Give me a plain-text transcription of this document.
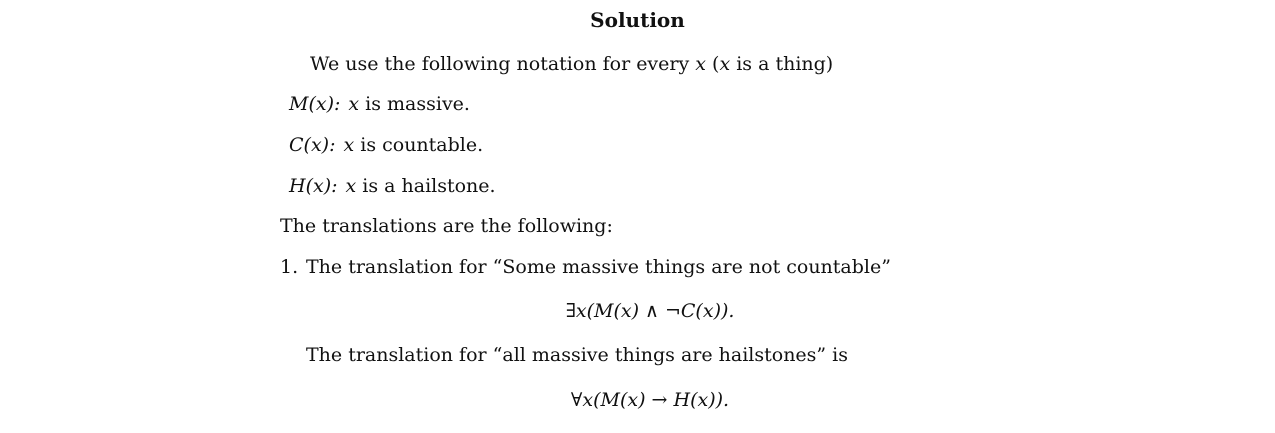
Solution
We use the following notation for every x (x is a thing)
M(x): x is massive.
C(x): x is countable.
H(x): x is a hailstone.
The translations are the following:
1. The translation for “Some massive things are not countable”
∃x(M(x) ∧ ¬C(x)).
The translation for “all massive things are hailstones” is
∀x(M(x) → H(x)).
